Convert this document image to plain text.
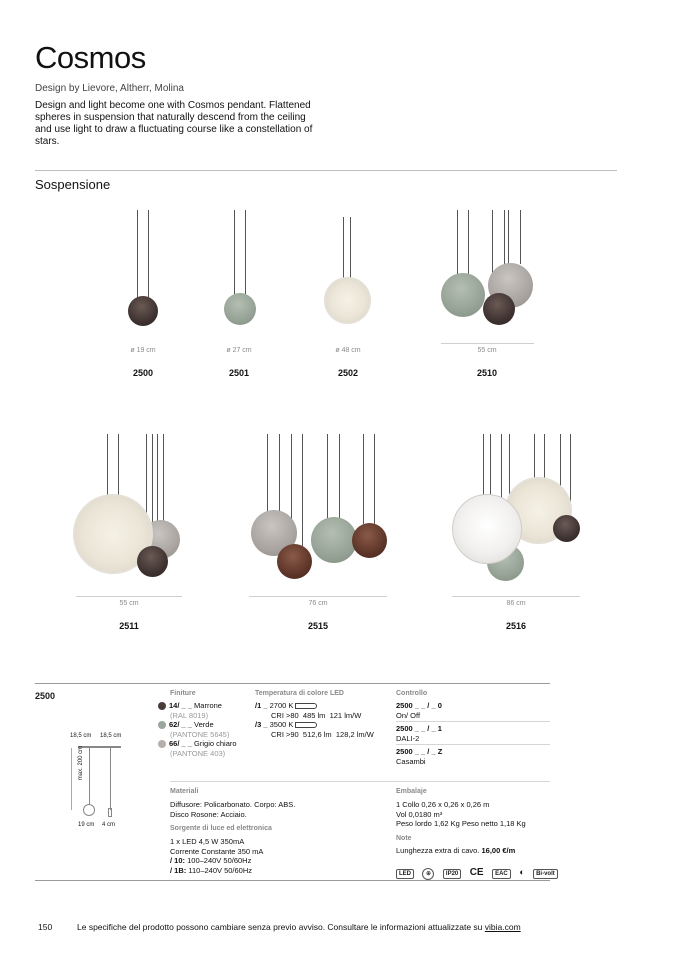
Cosmos
Design by Lievore, Altherr, Molina
Design and light become one with Cosmos pendant. Flattened spheres in suspension that naturally descend from the ceiling and use light to draw a fluctuating course like a constellation of stars.
Sospensione
ø 19 cm
2500
ø 27 cm
2501
ø 48 cm
2502
55 cm
2510
55 cm
2511
76 cm
2515
86 cm
2516
2500
18,5 cm 18,5 cm
max. 200 cm
19 cm 4 cm
Finiture
14/ _ _ Marrone
(RAL 8019)
62/ _ _ Verde
(PANTONE 5645)
66/ _ _ Grigio chiaro
(PANTONE 403)
Temperatura di colore LED
/1 _ 2700 K
CRI >80 485 lm 121 lm/W
/3 _ 3500 K
CRI >90 512,6 lm 128,2 lm/W
Controllo
2500 _ _ / _ 0
On/ Off
2500 _ _ / _ 1
DALI-2
2500 _ _ / _ Z
Casambi
Materiali
Diffusore: Policarbonato. Corpo: ABS.
Disco Rosone: Acciaio.
Sorgente di luce ed elettronica
1 x LED 4,5 W 350mA
Corrente Constante 350 mA
/ 10: 100–240V 50/60Hz
/ 1B: 110–240V 50/60Hz
Embalaje
1 Collo 0,26 x 0,26 x 0,26 m
Vol 0,0180 m³
Peso lordo 1,62 Kg Peso netto 1,18 Kg
Note
Lunghezza extra di cavo. 16,00 €/m
LED ⊕ IP20 CE EAC ◐ Bi-volt
150	Le specifiche del prodotto possono cambiare senza previo avviso. Consultare le informazioni attualizzate su vibia.com
